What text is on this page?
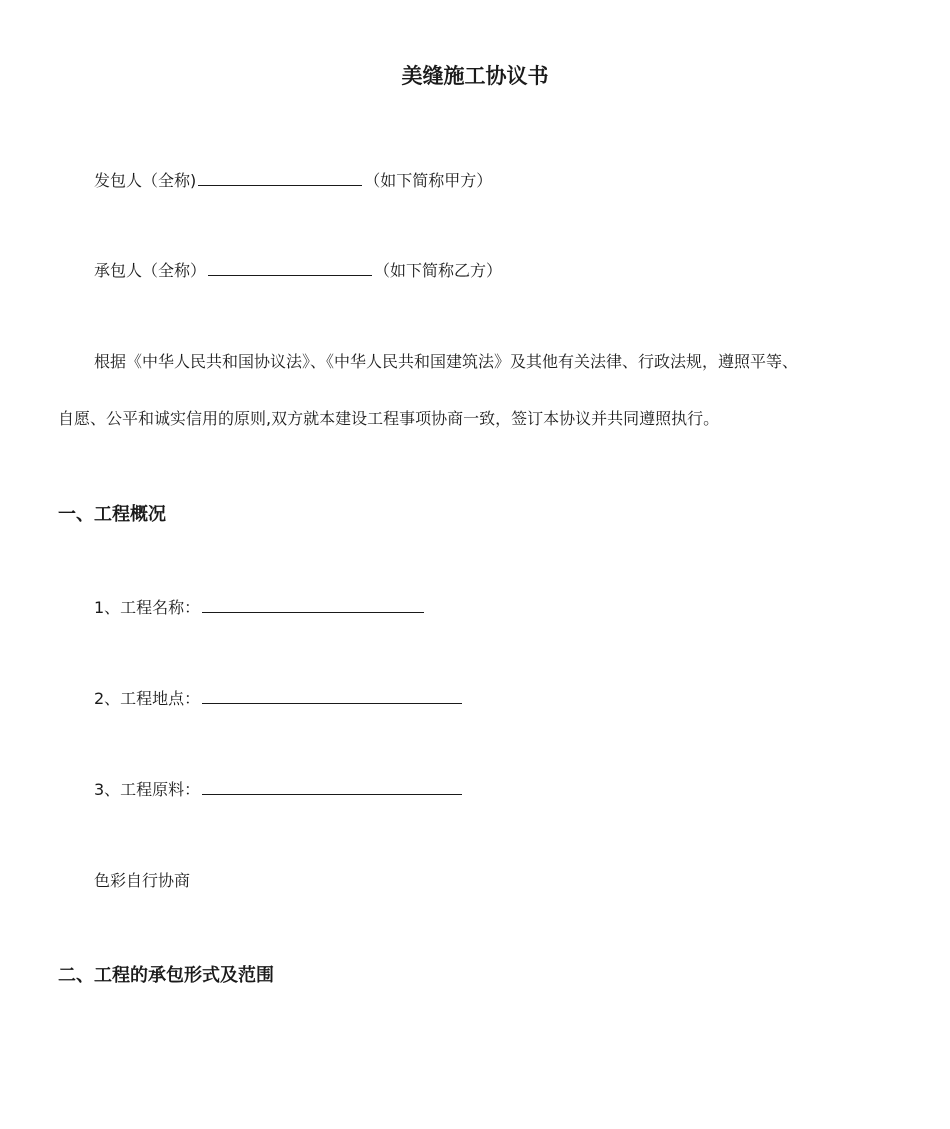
美缝施工协议书
发包人（全称)	（如下简称甲方）
承包人（全称）	（如下简称乙方）
根据《中华人民共和国协议法》、《中华人民共和国建筑法》及其他有关法律、行政法规，遵照平等、
自愿、公平和诚实信用的原则,双方就本建设工程事项协商一致，签订本协议并共同遵照执行。
一、工程概况
1、工程名称：
2、工程地点：
3、工程原料：
色彩自行协商
二、工程的承包形式及范围
